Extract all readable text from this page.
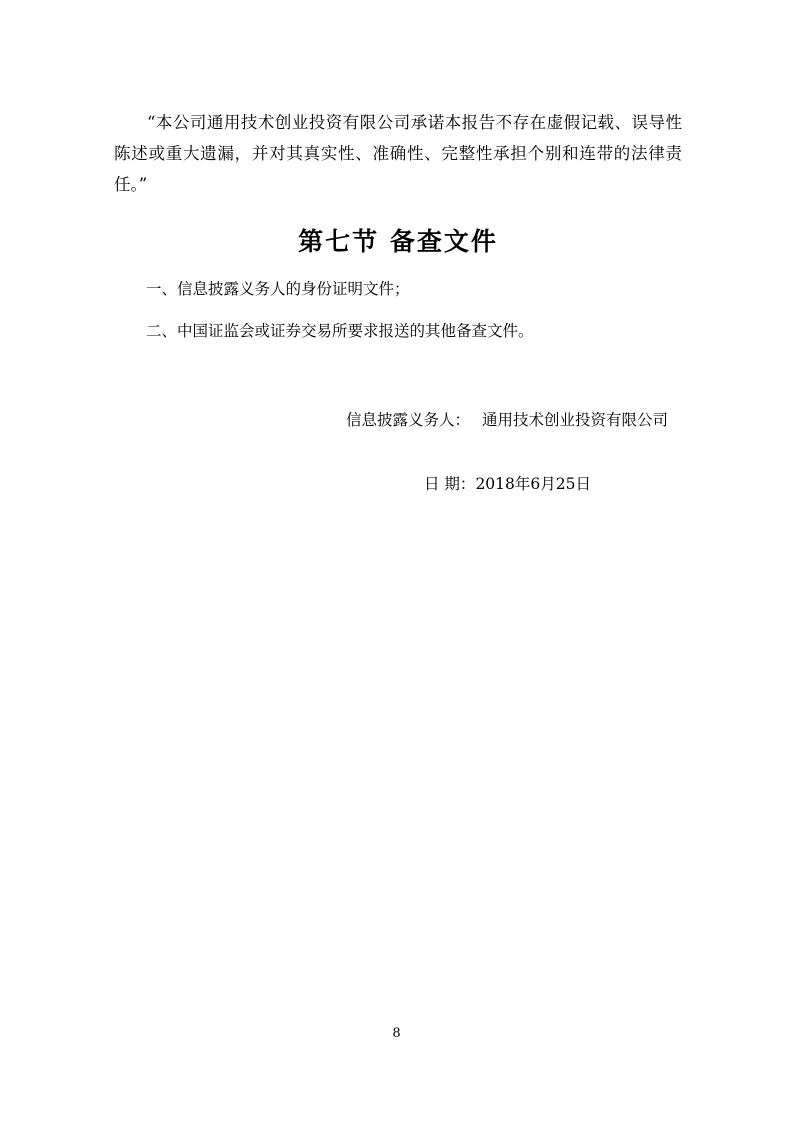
“本公司通用技术创业投资有限公司承诺本报告不存在虚假记载、误导性陈述或重大遗漏，并对其真实性、准确性、完整性承担个别和连带的法律责任。”

第七节 备查文件

一、信息披露义务人的身份证明文件；

二、中国证监会或证券交易所要求报送的其他备查文件。

信息披露义务人： 通用技术创业投资有限公司

日 期：2018年6月25日

8
